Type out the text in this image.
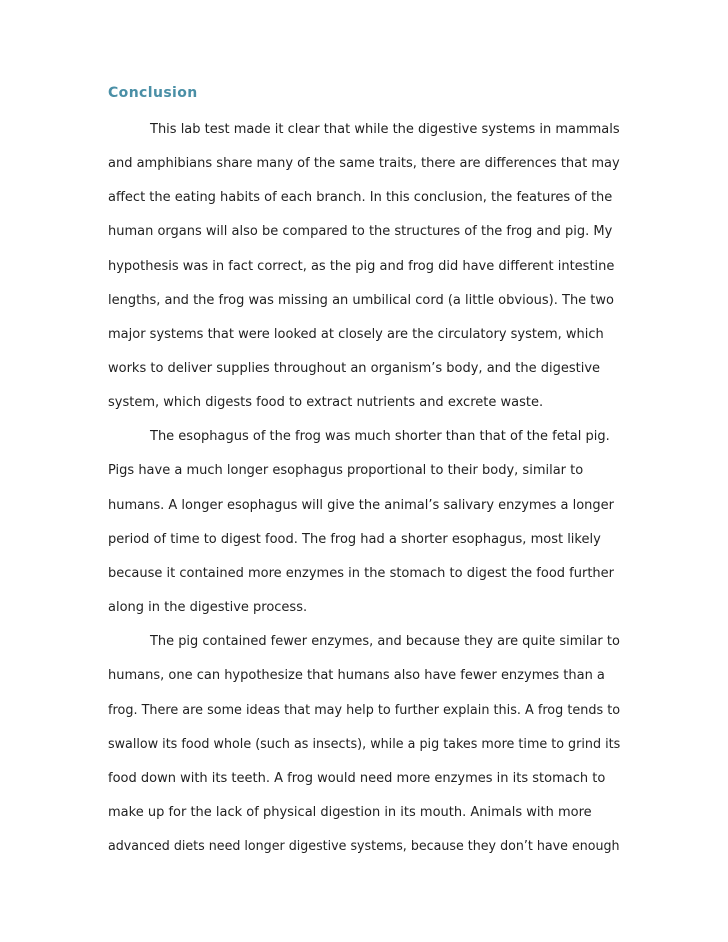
Conclusion

This lab test made it clear that while the digestive systems in mammals

and amphibians share many of the same traits, there are differences that may

affect the eating habits of each branch. In this conclusion, the features of the

human organs will also be compared to the structures of the frog and pig. My

hypothesis was in fact correct, as the pig and frog did have different intestine

lengths, and the frog was missing an umbilical cord (a little obvious). The two

major systems that were looked at closely are the circulatory system, which

works to deliver supplies throughout an organism’s body, and the digestive

system, which digests food to extract nutrients and excrete waste.

The esophagus of the frog was much shorter than that of the fetal pig.

Pigs have a much longer esophagus proportional to their body, similar to

humans. A longer esophagus will give the animal’s salivary enzymes a longer

period of time to digest food. The frog had a shorter esophagus, most likely

because it contained more enzymes in the stomach to digest the food further

along in the digestive process.

The pig contained fewer enzymes, and because they are quite similar to

humans, one can hypothesize that humans also have fewer enzymes than a

frog. There are some ideas that may help to further explain this. A frog tends to

swallow its food whole (such as insects), while a pig takes more time to grind its

food down with its teeth. A frog would need more enzymes in its stomach to

make up for the lack of physical digestion in its mouth. Animals with more

advanced diets need longer digestive systems, because they don’t have enough
